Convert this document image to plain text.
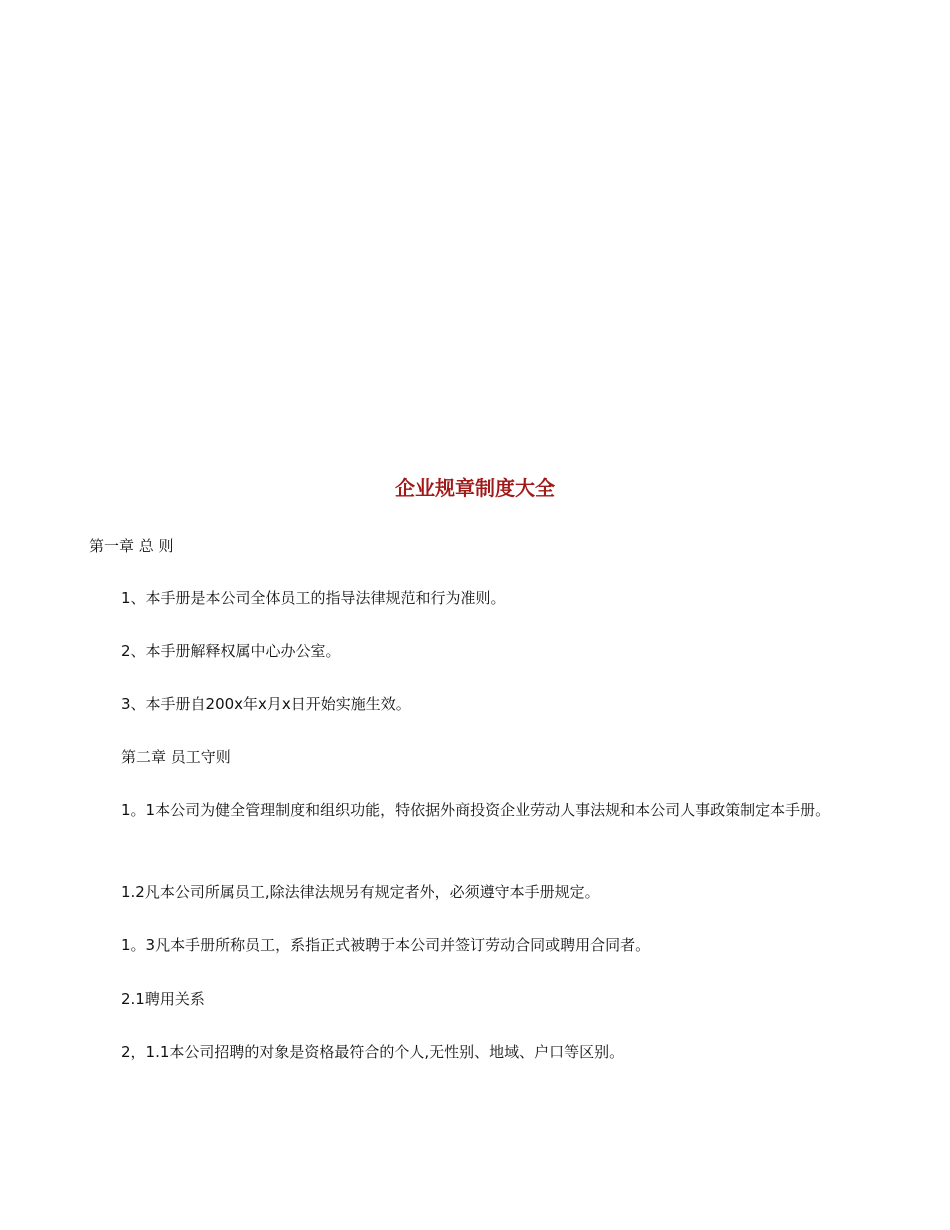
企业规章制度大全

第一章 总 则

1、本手册是本公司全体员工的指导法律规范和行为准则。

2、本手册解释权属中心办公室。

3、本手册自200x年x月x日开始实施生效。

第二章 员工守则

1。1本公司为健全管理制度和组织功能，特依据外商投资企业劳动人事法规和本公司人事政策制定本手册。

1.2凡本公司所属员工,除法律法规另有规定者外，必须遵守本手册规定。

1。3凡本手册所称员工，系指正式被聘于本公司并签订劳动合同或聘用合同者。

2.1聘用关系

2，1.1本公司招聘的对象是资格最符合的个人,无性别、地域、户口等区别。
